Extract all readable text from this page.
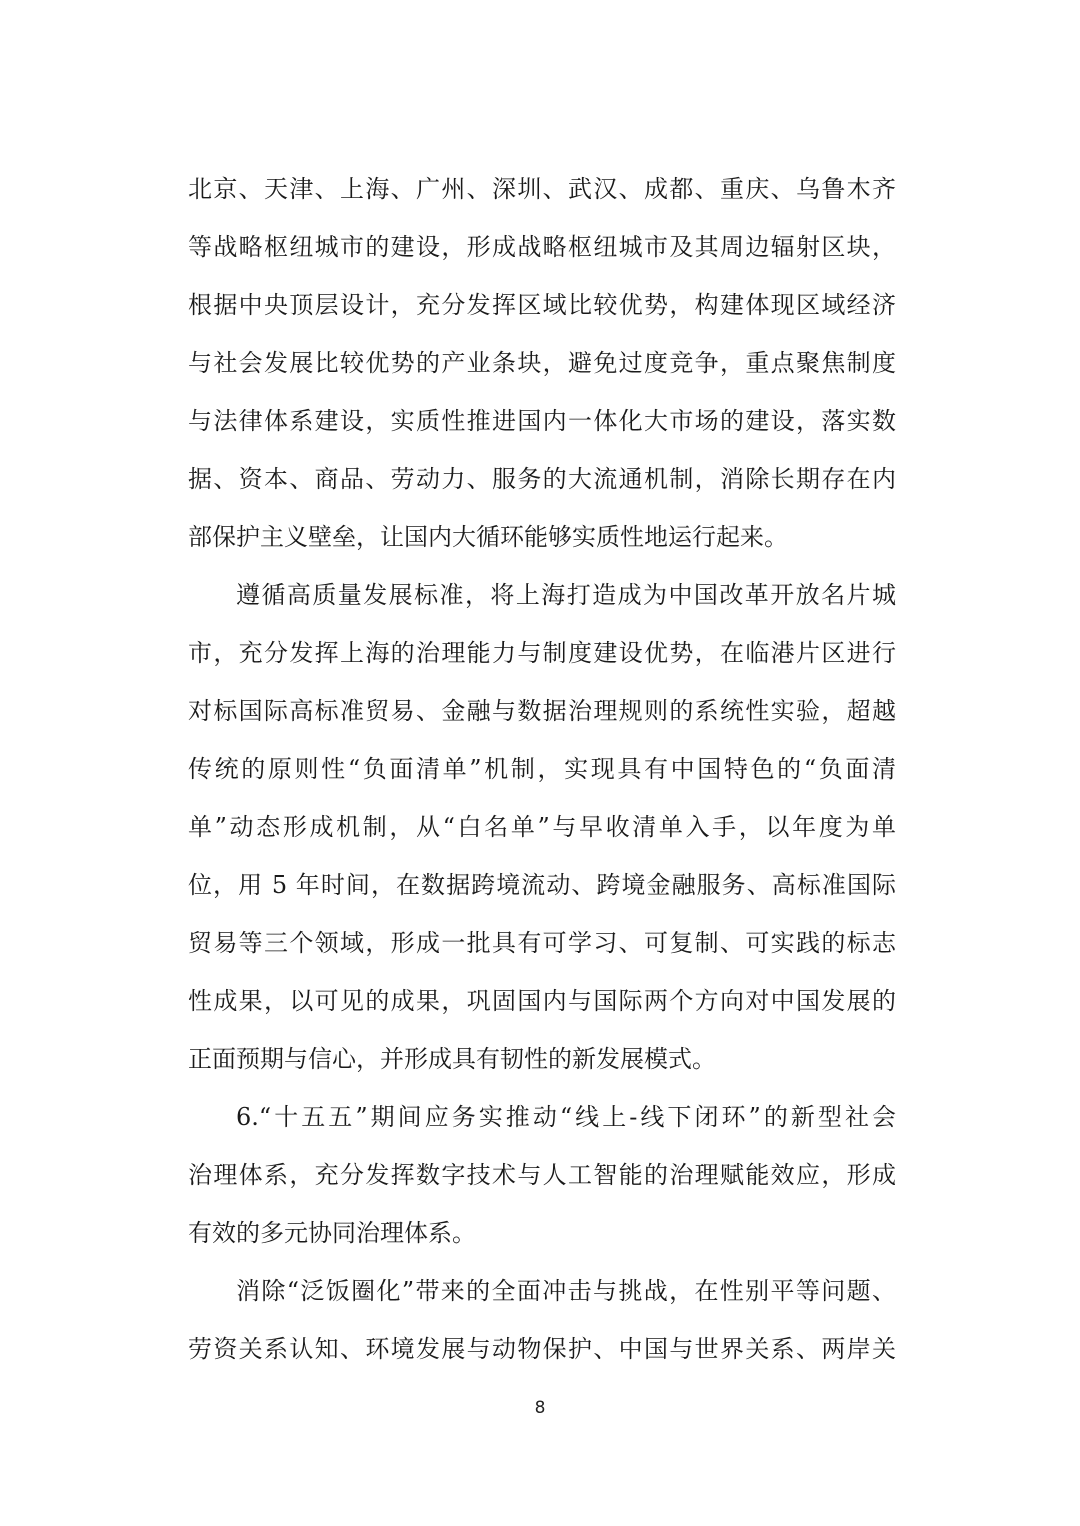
北京、天津、上海、广州、深圳、武汉、成都、重庆、乌鲁木齐
等战略枢纽城市的建设，形成战略枢纽城市及其周边辐射区块，
根据中央顶层设计，充分发挥区域比较优势，构建体现区域经济
与社会发展比较优势的产业条块，避免过度竞争，重点聚焦制度
与法律体系建设，实质性推进国内一体化大市场的建设，落实数
据、资本、商品、劳动力、服务的大流通机制，消除长期存在内
部保护主义壁垒，让国内大循环能够实质性地运行起来。
遵循高质量发展标准，将上海打造成为中国改革开放名片城
市，充分发挥上海的治理能力与制度建设优势，在临港片区进行
对标国际高标准贸易、金融与数据治理规则的系统性实验，超越
传统的原则性“负面清单”机制，实现具有中国特色的“负面清
单”动态形成机制，从“白名单”与早收清单入手，以年度为单
位，用 5 年时间，在数据跨境流动、跨境金融服务、高标准国际
贸易等三个领域，形成一批具有可学习、可复制、可实践的标志
性成果，以可见的成果，巩固国内与国际两个方向对中国发展的
正面预期与信心，并形成具有韧性的新发展模式。
6.“十五五”期间应务实推动“线上-线下闭环”的新型社会
治理体系，充分发挥数字技术与人工智能的治理赋能效应，形成
有效的多元协同治理体系。
消除“泛饭圈化”带来的全面冲击与挑战，在性别平等问题、
劳资关系认知、环境发展与动物保护、中国与世界关系、两岸关
8
